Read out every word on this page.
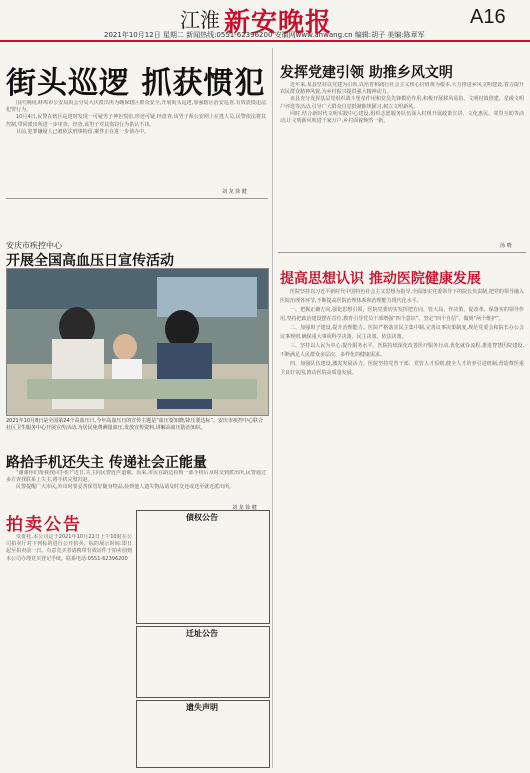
江淮 新安晚报	A16
2021年10月12日 星期二 新闻热线:0551-62396200 安徽网www.ahwang.cn 编辑:胡子 美编:陈章军
街头巡逻 抓获惯犯

国庆期间,蚌埠市公安局禹会分局大庆派出所为确保辖区群众安全,开展街头巡逻,加强辖区治安巡查,有效震慑违法犯罪行为。

10月4日,民警在辖区巡逻时发现一可疑男子神色慌张,形迹可疑,经盘查,该男子系公安网上在逃人员,民警依法将其控制,带回派出所进一步审查。经查,该男子对其盗窃行为供认不讳。

目前,犯罪嫌疑人已被依法刑事拘留,案件正在进一步侦办中。

刘 龙 徐 健
安庆市疾控中心
开展全国高血压日宣传活动
2021年10月8日是全国第24个高血压日,今年高血压日的宣传主题是“血压要知晓,降压要达标”。安庆市疾控中心联合社区卫生服务中心开展宣传活动,为居民免费测量血压,发放宣传资料,讲解高血压防治知识。
路拾手机还失主 传递社会正能量

“谢谢你们帮我找回手机!”近日,失主向民警连声道谢。原来,市民在路边捡到一部手机后及时交到派出所,民警通过多方查找联系上失主,将手机完璧归赵。

民警提醒广大市民,外出时要妥善保管好随身物品,捡到他人遗失物品请及时交还或送至就近派出所。

刘 龙 徐 健
拍卖公告

受委托,本公司定于2021年10月22日上午10时在公司拍卖厅对下列标的进行公开拍卖。标的展示时间:即日起至拍卖前一日。有意竞买者请携带有效证件于拍卖前到本公司办理竞买登记手续。联系电话:0551-62396200

债权公告
迁址公告
遗失声明
发挥党建引领 助推乡风文明

近年来,某县坚持以党建为引领,以培育和践行社会主义核心价值观为根本,大力推进乡风文明建设,着力提升农民群众精神风貌,为乡村振兴提供强大精神动力。

该县充分发挥基层党组织战斗堡垒作用和党员先锋模范作用,积极开展移风易俗、文明村镇创建、星级文明户评选等活动,引导广大群众自觉抵制陈规陋习,树立文明新风。

同时,结合新时代文明实践中心建设,组织志愿服务队伍深入村组开展政策宣讲、文化惠民、邻里互助等活动,让文明新风吹进千家万户,乡村面貌焕然一新。

汤 晓
提高思想认识 推动医院健康发展

医院坚持以习近平新时代中国特色社会主义思想为指导,全面落实党委领导下的院长负责制,把党的领导融入医院治理各环节,不断提高医院治理体系和治理能力现代化水平。

一、把握正确方向,强化思想引领。医院党委切实发挥把方向、管大局、作决策、促改革、保落实的领导作用,坚持把政治建设摆在首位,教育引导党员干部增强“四个意识”、坚定“四个自信”、做到“两个维护”。

二、加强班子建设,提升治理能力。医院严格落实民主集中制,完善议事决策制度,规范党委会和院长办公会议事规则,确保重大事项科学决策、民主决策、依法决策。

三、坚持以人民为中心,提升服务水平。医院持续深化改善医疗服务行动,优化就诊流程,推进智慧医院建设,不断满足人民群众多层次、多样化的健康需求。

四、加强队伍建设,激发发展活力。医院坚持党管干部、党管人才原则,健全人才培养引进机制,营造尊医重卫良好氛围,推动医院高质量发展。
